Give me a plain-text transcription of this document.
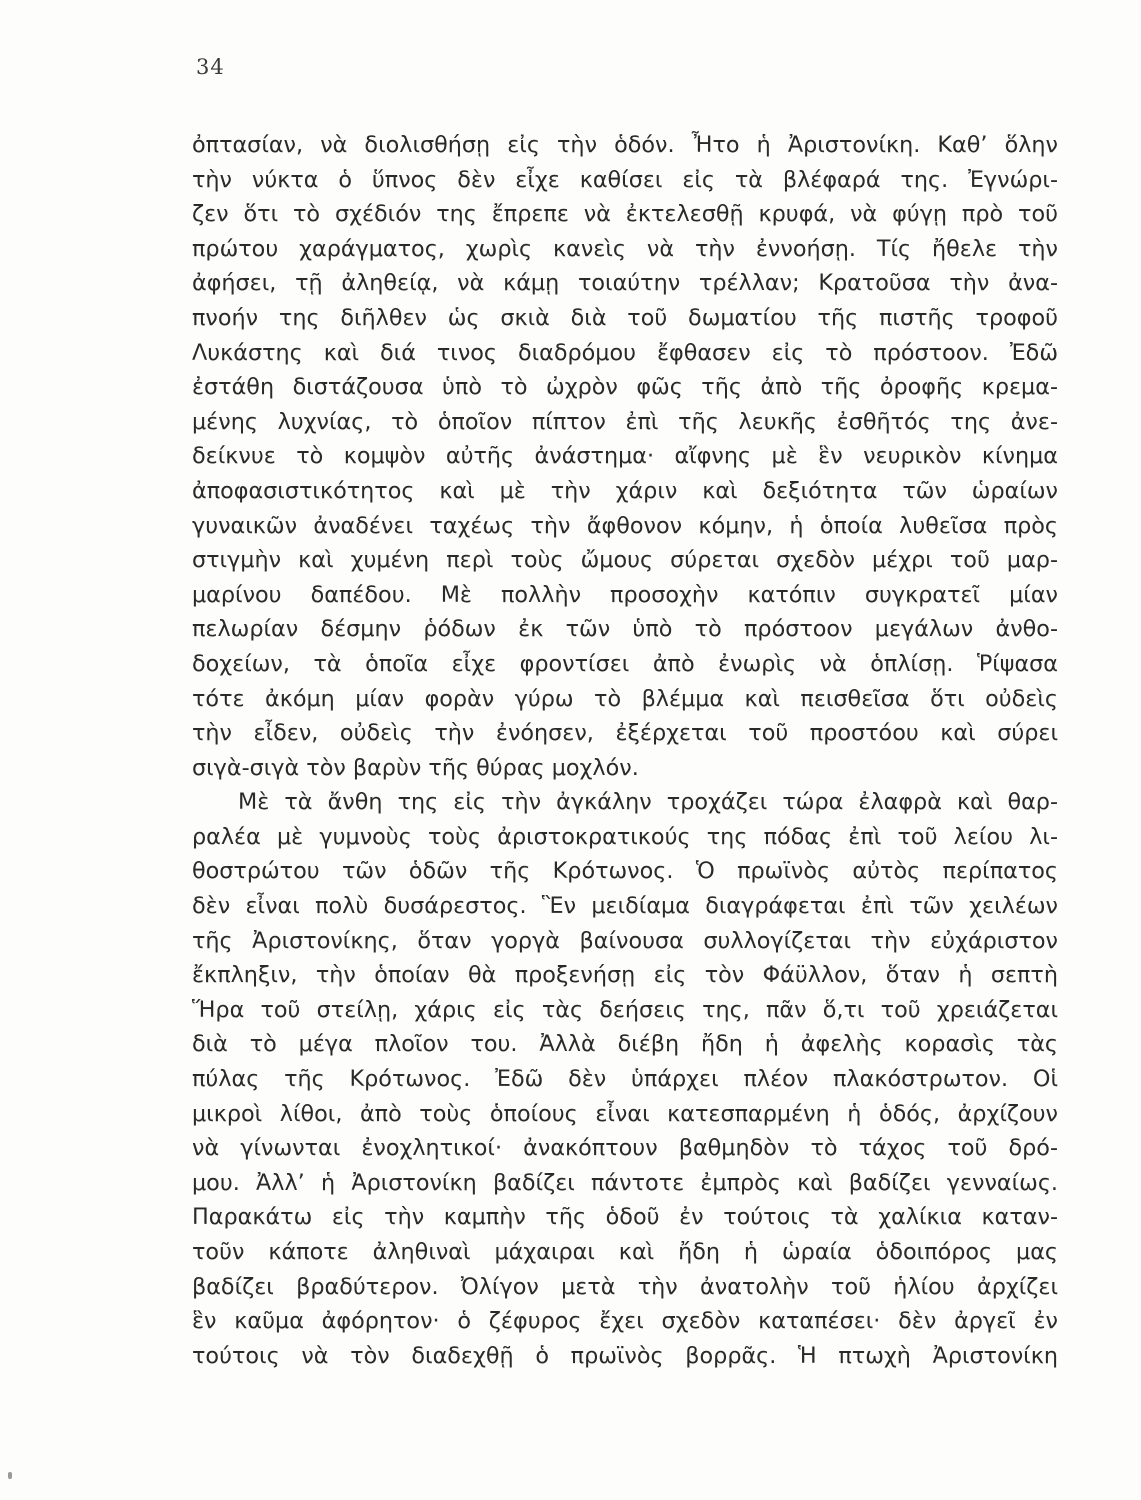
34
ὀπτασίαν, νὰ διολισθήσῃ εἰς τὴν ὁδόν. Ἦτο ἡ Ἀριστονίκη. Καθ’ ὅλην
τὴν νύκτα ὁ ὕπνος δὲν εἶχε καθίσει εἰς τὰ βλέφαρά της. Ἐγνώρι-
ζεν ὅτι τὸ σχέδιόν της ἔπρεπε νὰ ἐκτελεσθῇ κρυφά, νὰ φύγῃ πρὸ τοῦ
πρώτου χαράγματος, χωρὶς κανεὶς νὰ τὴν ἐννοήσῃ. Τίς ἤθελε τὴν
ἀφήσει, τῇ ἀληθείᾳ, νὰ κάμῃ τοιαύτην τρέλλαν; Κρατοῦσα τὴν ἀνα-
πνοήν της διῆλθεν ὡς σκιὰ διὰ τοῦ δωματίου τῆς πιστῆς τροφοῦ
Λυκάστης καὶ διά τινος διαδρόμου ἔφθασεν εἰς τὸ πρόστοον. Ἐδῶ
ἐστάθη διστάζουσα ὑπὸ τὸ ὠχρὸν φῶς τῆς ἀπὸ τῆς ὀροφῆς κρεμα-
μένης λυχνίας, τὸ ὁποῖον πίπτον ἐπὶ τῆς λευκῆς ἐσθῆτός της ἀνε-
δείκνυε τὸ κομψὸν αὐτῆς ἀνάστημα· αἴφνης μὲ ἓν νευρικὸν κίνημα
ἀποφασιστικότητος καὶ μὲ τὴν χάριν καὶ δεξιότητα τῶν ὡραίων
γυναικῶν ἀναδένει ταχέως τὴν ἄφθονον κόμην, ἡ ὁποία λυθεῖσα πρὸς
στιγμὴν καὶ χυμένη περὶ τοὺς ὤμους σύρεται σχεδὸν μέχρι τοῦ μαρ-
μαρίνου δαπέδου. Μὲ πολλὴν προσοχὴν κατόπιν συγκρατεῖ μίαν
πελωρίαν δέσμην ῥόδων ἐκ τῶν ὑπὸ τὸ πρόστοον μεγάλων ἀνθο-
δοχείων, τὰ ὁποῖα εἶχε φροντίσει ἀπὸ ἐνωρὶς νὰ ὁπλίσῃ. Ῥίψασα
τότε ἀκόμη μίαν φορὰν γύρω τὸ βλέμμα καὶ πεισθεῖσα ὅτι οὐδεὶς
τὴν εἶδεν, οὐδεὶς τὴν ἐνόησεν, ἐξέρχεται τοῦ προστόου καὶ σύρει
σιγὰ-σιγὰ τὸν βαρὺν τῆς θύρας μοχλόν.
Μὲ τὰ ἄνθη της εἰς τὴν ἀγκάλην τροχάζει τώρα ἐλαφρὰ καὶ θαρ-
ραλέα μὲ γυμνοὺς τοὺς ἀριστοκρατικούς της πόδας ἐπὶ τοῦ λείου λι-
θοστρώτου τῶν ὁδῶν τῆς Κρότωνος. Ὁ πρωϊνὸς αὐτὸς περίπατος
δὲν εἶναι πολὺ δυσάρεστος. Ἓν μειδίαμα διαγράφεται ἐπὶ τῶν χειλέων
τῆς Ἀριστονίκης, ὅταν γοργὰ βαίνουσα συλλογίζεται τὴν εὐχάριστον
ἔκπληξιν, τὴν ὁποίαν θὰ προξενήσῃ εἰς τὸν Φάϋλλον, ὅταν ἡ σεπτὴ
Ἥρα τοῦ στείλῃ, χάρις εἰς τὰς δεήσεις της, πᾶν ὅ,τι τοῦ χρειάζεται
διὰ τὸ μέγα πλοῖον του. Ἀλλὰ διέβη ἤδη ἡ ἀφελὴς κορασὶς τὰς
πύλας τῆς Κρότωνος. Ἐδῶ δὲν ὑπάρχει πλέον πλακόστρωτον. Οἱ
μικροὶ λίθοι, ἀπὸ τοὺς ὁποίους εἶναι κατεσπαρμένη ἡ ὁδός, ἀρχίζουν
νὰ γίνωνται ἐνοχλητικοί· ἀνακόπτουν βαθμηδὸν τὸ τάχος τοῦ δρό-
μου. Ἀλλ’ ἡ Ἀριστονίκη βαδίζει πάντοτε ἐμπρὸς καὶ βαδίζει γενναίως.
Παρακάτω εἰς τὴν καμπὴν τῆς ὁδοῦ ἐν τούτοις τὰ χαλίκια καταν-
τοῦν κάποτε ἀληθιναὶ μάχαιραι καὶ ἤδη ἡ ὡραία ὁδοιπόρος μας
βαδίζει βραδύτερον. Ὀλίγον μετὰ τὴν ἀνατολὴν τοῦ ἡλίου ἀρχίζει
ἓν καῦμα ἀφόρητον· ὁ ζέφυρος ἔχει σχεδὸν καταπέσει· δὲν ἀργεῖ ἐν
τούτοις νὰ τὸν διαδεχθῇ ὁ πρωϊνὸς βορρᾶς. Ἡ πτωχὴ Ἀριστονίκη
